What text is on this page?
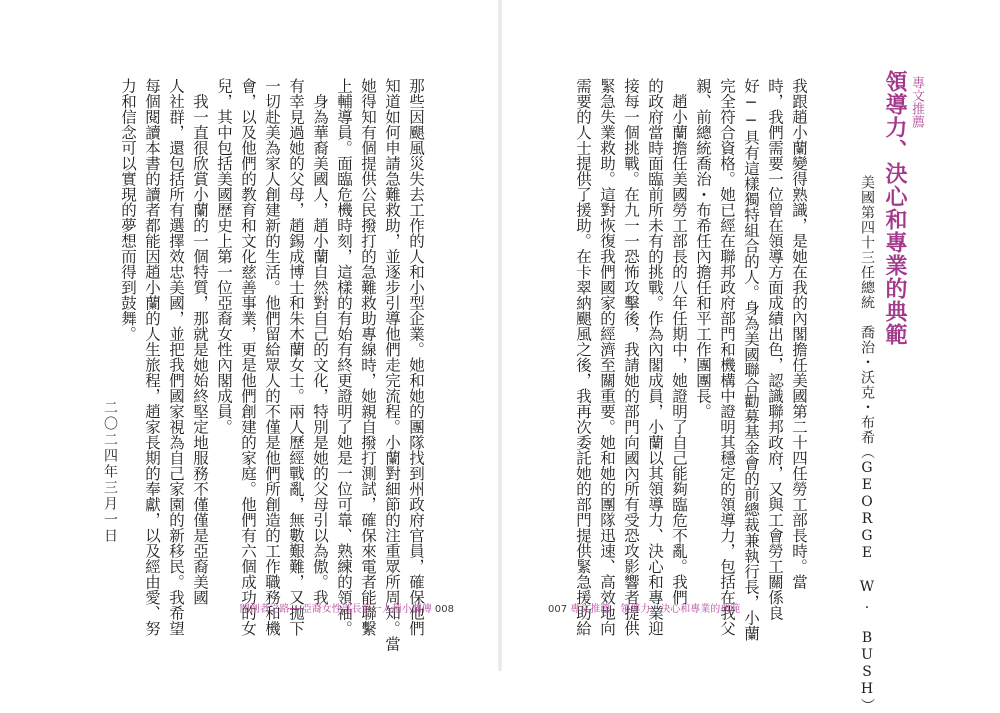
那些因颶風災失去工作的人和小型企業。她和她的團隊找到州政府官員，確保他們
知道如何申請急難救助，並逐步引導他們走完流程。小蘭對細節的注重眾所周知。當
她得知有個提供公民撥打的急難救助專線時，她親自撥打測試，確保來電者能聯繫
上輔導員。面臨危機時刻，這樣的有始有終更證明了她是一位可靠、熟練的領袖。
　身為華裔美國人，趙小蘭自然對自己的文化，特別是她的父母引以為傲。我
有幸見過她的父母，趙錫成博士和朱木蘭女士。兩人歷經戰亂，無數艱難，又拋下
一切赴美為家人創建新的生活。他們留給眾人的不僅是他們所創造的工作職務和機
會，以及他們的教育和文化慈善事業，更是他們創建的家庭。他們有六個成功的女
兒，其中包括美國歷史上第一位亞裔女性內閣成員。
　我一直很欣賞小蘭的一個特質，那就是她始終堅定地服務不僅僅是亞裔美國
人社群，還包括所有選擇效忠美國，並把我們國家視為自己家園的新移民。我希望
每個閱讀本書的讀者都能因趙小蘭的人生旅程，趙家長期的奉獻，以及經由愛、努
力和信念可以實現的夢想而得到鼓舞。
二〇二四年三月一日
專文推薦
領導力、決心和專業的典範
美國第四十三任總統　喬治・沃克・布希（GEORGE W. BUSH）
我跟趙小蘭變得熟識，是她在我的內閣擔任美國第二十四任勞工部長時。當
時，我們需要一位曾在領導方面成績出色，認識聯邦政府，又與工會勞工關係良
好──具有這樣獨特組合的人。身為美國聯合勸募基金會的前總裁兼執行長，小蘭
完全符合資格。她已經在聯邦政府部門和機構中證明其穩定的領導力，包括在我父
親、前總統喬治・布希任內擔任和平工作團團長。
　趙小蘭擔任美國勞工部長的八年任期中，她證明了自己能夠臨危不亂。我們
的政府當時面臨前所未有的挑戰。作為內閣成員，小蘭以其領導力、決心和專業迎
接每一個挑戰。在九一一恐怖攻擊後，我請她的部門向國內所有受恐攻影響者提供
緊急失業救助。這對恢復我們國家的經濟至關重要。她和她的團隊迅速、高效地向
需要的人士提供了援助。在卡翠納颶風之後，我再次委託她的部門提供緊急援助給
開創者之路──亞裔女性部長第一人趙小蘭傳 008	007 專文推薦　領導力、決心和專業的典範
